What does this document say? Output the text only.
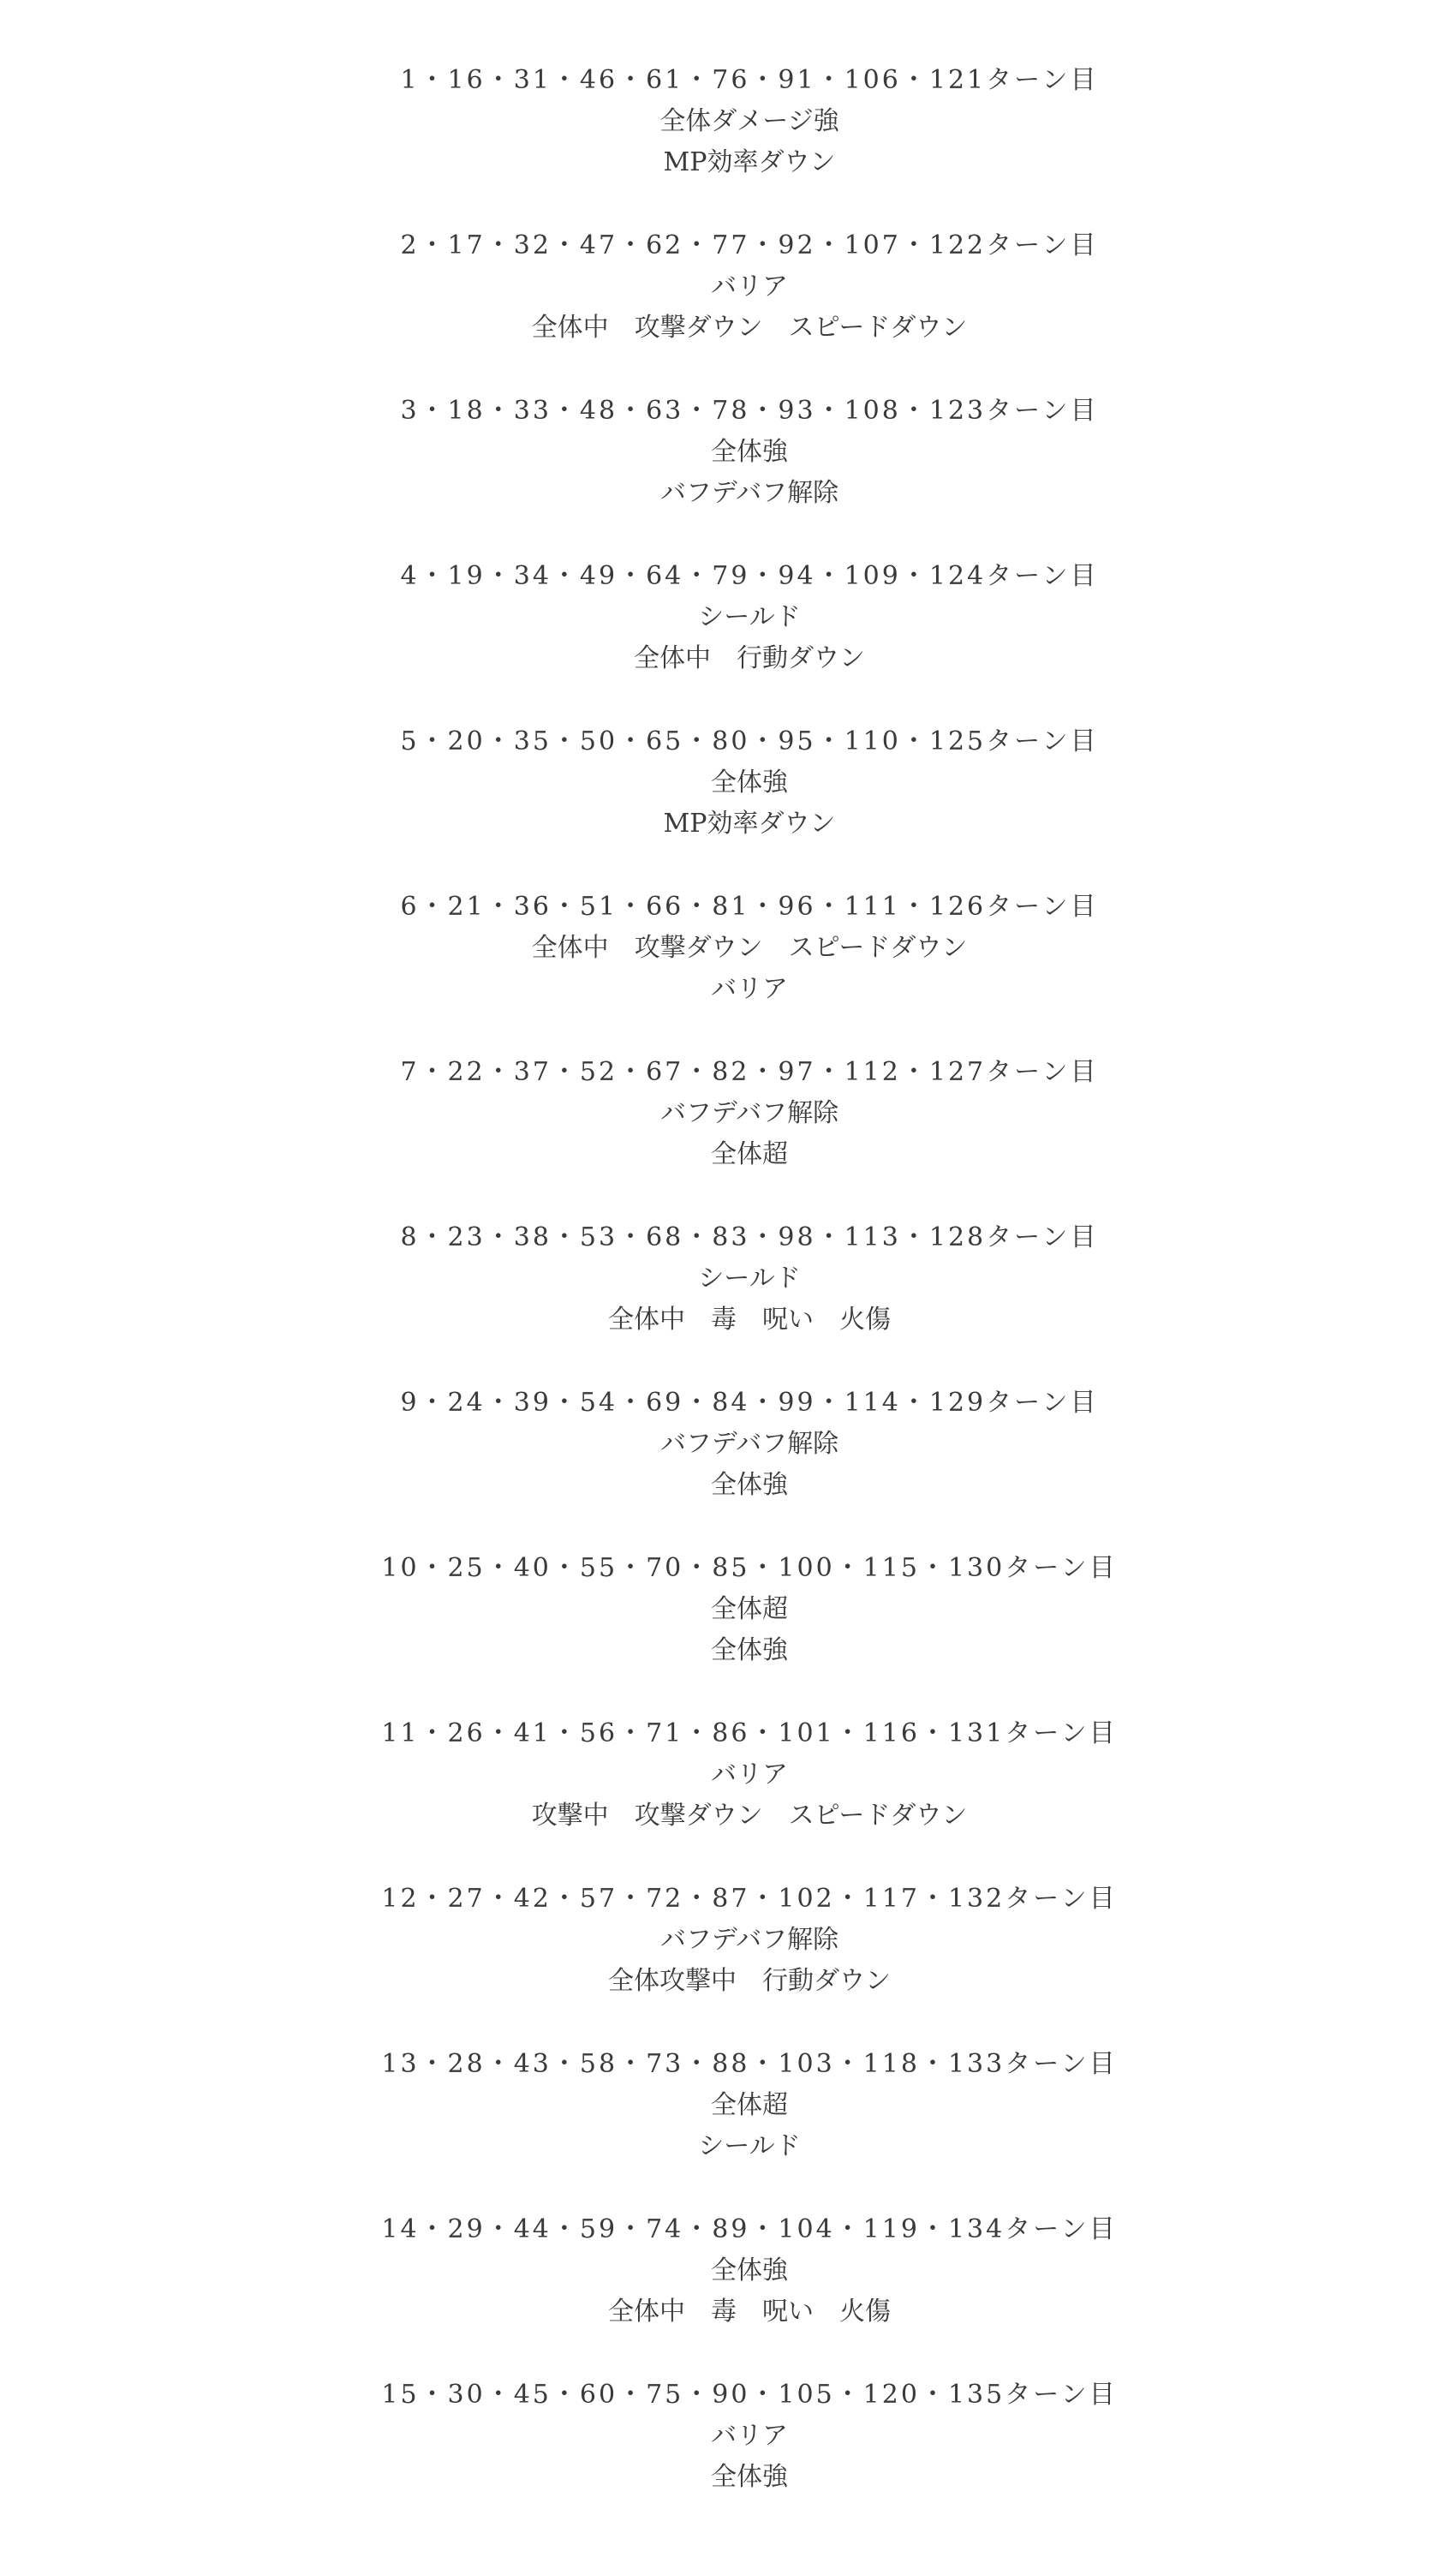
1・16・31・46・61・76・91・106・121ターン目
全体ダメージ強
MP効率ダウン
2・17・32・47・62・77・92・107・122ターン目
バリア
全体中　攻撃ダウン　スピードダウン
3・18・33・48・63・78・93・108・123ターン目
全体強
バフデバフ解除
4・19・34・49・64・79・94・109・124ターン目
シールド
全体中　行動ダウン
5・20・35・50・65・80・95・110・125ターン目
全体強
MP効率ダウン
6・21・36・51・66・81・96・111・126ターン目
全体中　攻撃ダウン　スピードダウン
バリア
7・22・37・52・67・82・97・112・127ターン目
バフデバフ解除
全体超
8・23・38・53・68・83・98・113・128ターン目
シールド
全体中　毒　呪い　火傷
9・24・39・54・69・84・99・114・129ターン目
バフデバフ解除
全体強
10・25・40・55・70・85・100・115・130ターン目
全体超
全体強
11・26・41・56・71・86・101・116・131ターン目
バリア
攻撃中　攻撃ダウン　スピードダウン
12・27・42・57・72・87・102・117・132ターン目
バフデバフ解除
全体攻撃中　行動ダウン
13・28・43・58・73・88・103・118・133ターン目
全体超
シールド
14・29・44・59・74・89・104・119・134ターン目
全体強
全体中　毒　呪い　火傷
15・30・45・60・75・90・105・120・135ターン目
バリア
全体強
